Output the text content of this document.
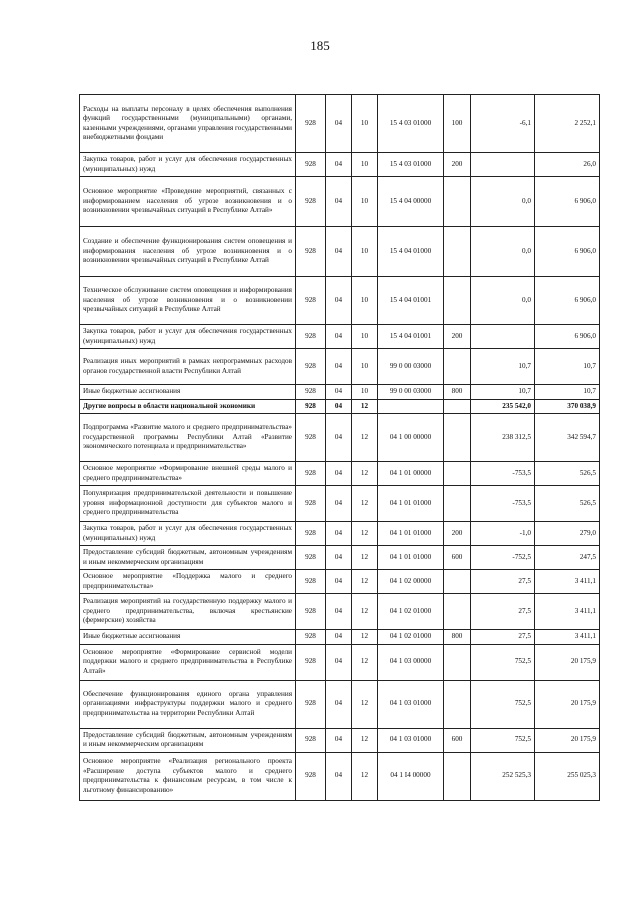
185
Расходы на выплаты персоналу в целях обеспечения выполнения функций государственными (муниципальными) органами, казенными учреждениями, органами управления государственными внебюджетными фондами	928	04	10	15 4 03 01000	100	-6,1	2 252,1
Закупка товаров, работ и услуг для обеспечения государственных (муниципальных) нужд	928	04	10	15 4 03 01000	200		26,0
Основное мероприятие «Проведение мероприятий, связанных с информированием населения об угрозе возникновения и о возникновении чрезвычайных ситуаций в Республике Алтай»	928	04	10	15 4 04 00000		0,0	6 906,0
Создание и обеспечение функционирования систем оповещения и информирования населения об угрозе возникновения и о возникновении чрезвычайных ситуаций в Республике Алтай	928	04	10	15 4 04 01000		0,0	6 906,0
Техническое обслуживание систем оповещения и информирования населения об угрозе возникновения и о возникновении чрезвычайных ситуаций в Республике Алтай	928	04	10	15 4 04 01001		0,0	6 906,0
Закупка товаров, работ и услуг для обеспечения государственных (муниципальных) нужд	928	04	10	15 4 04 01001	200		6 906,0
Реализация иных мероприятий в рамках непрограммных расходов органов государственной власти Республики Алтай	928	04	10	99 0 00 03000		10,7	10,7
Иные бюджетные ассигнования	928	04	10	99 0 00 03000	800	10,7	10,7
Другие вопросы в области национальной экономики	928	04	12			235 542,0	370 038,9
Подпрограмма «Развитие малого и среднего предпринимательства» государственной программы Республики Алтай «Развитие экономического потенциала и предпринимательства»	928	04	12	04 1 00 00000		238 312,5	342 594,7
Основное мероприятие «Формирование внешней среды малого и среднего предпринимательства»	928	04	12	04 1 01 00000		-753,5	526,5
Популяризация предпринимательской деятельности и повышение уровня информационной доступности для субъектов малого и среднего предпринимательства	928	04	12	04 1 01 01000		-753,5	526,5
Закупка товаров, работ и услуг для обеспечения государственных (муниципальных) нужд	928	04	12	04 1 01 01000	200	-1,0	279,0
Предоставление субсидий бюджетным, автономным учреждениям и иным некоммерческим организациям	928	04	12	04 1 01 01000	600	-752,5	247,5
Основное мероприятие «Поддержка малого и среднего предпринимательства»	928	04	12	04 1 02 00000		27,5	3 411,1
Реализация мероприятий на государственную поддержку малого и среднего предпринимательства, включая крестьянские (фермерские) хозяйства	928	04	12	04 1 02 01000		27,5	3 411,1
Иные бюджетные ассигнования	928	04	12	04 1 02 01000	800	27,5	3 411,1
Основное мероприятие «Формирование сервисной модели поддержки малого и среднего предпринимательства в Республике Алтай»	928	04	12	04 1 03 00000		752,5	20 175,9
Обеспечение функционирования единого органа управления организациями инфраструктуры поддержки малого и среднего предпринимательства на территории Республики Алтай	928	04	12	04 1 03 01000		752,5	20 175,9
Предоставление субсидий бюджетным, автономным учреждениям и иным некоммерческим организациям	928	04	12	04 1 03 01000	600	752,5	20 175,9
Основное мероприятие «Реализация регионального проекта «Расширение доступа субъектов малого и среднего предпринимательства к финансовым ресурсам, в том числе к льготному финансированию»	928	04	12	04 1 I4 00000		252 525,3	255 025,3
